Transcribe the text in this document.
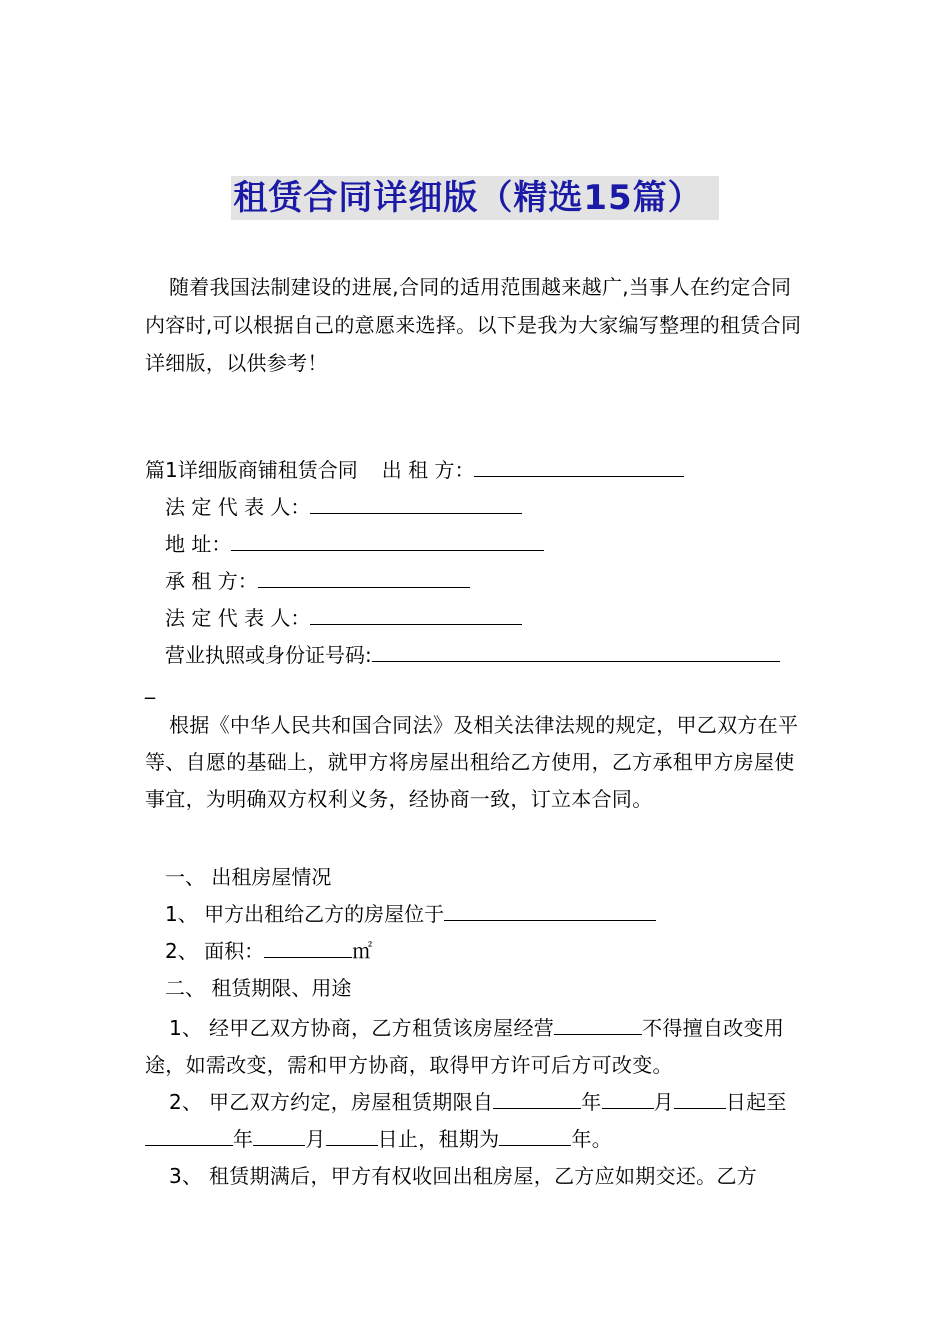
租赁合同详细版（精选15篇）
随着我国法制建设的进展,合同的适用范围越来越广,当事人在约定合同内容时,可以根据自己的意愿来选择。以下是我为大家编写整理的租赁合同详细版，以供参考！
篇1详细版商铺租赁合同 出 租 方：
法 定 代 表 人：
地 址：
承 租 方：
法 定 代 表 人：
营业执照或身份证号码:
_
根据《中华人民共和国合同法》及相关法律法规的规定，甲乙双方在平等、自愿的基础上，就甲方将房屋出租给乙方使用，乙方承租甲方房屋使事宜，为明确双方权利义务，经协商一致，订立本合同。
一、 出租房屋情况
1、 甲方出租给乙方的房屋位于
2、 面积：	㎡
二、 租赁期限、用途
1、 经甲乙双方协商，乙方租赁该房屋经营	不得擅自改变用途，如需改变，需和甲方协商，取得甲方许可后方可改变。
2、 甲乙双方约定，房屋租赁期限自	年	月	日起至年	月	日止，租期为	年。
3、 租赁期满后，甲方有权收回出租房屋，乙方应如期交还。乙方
